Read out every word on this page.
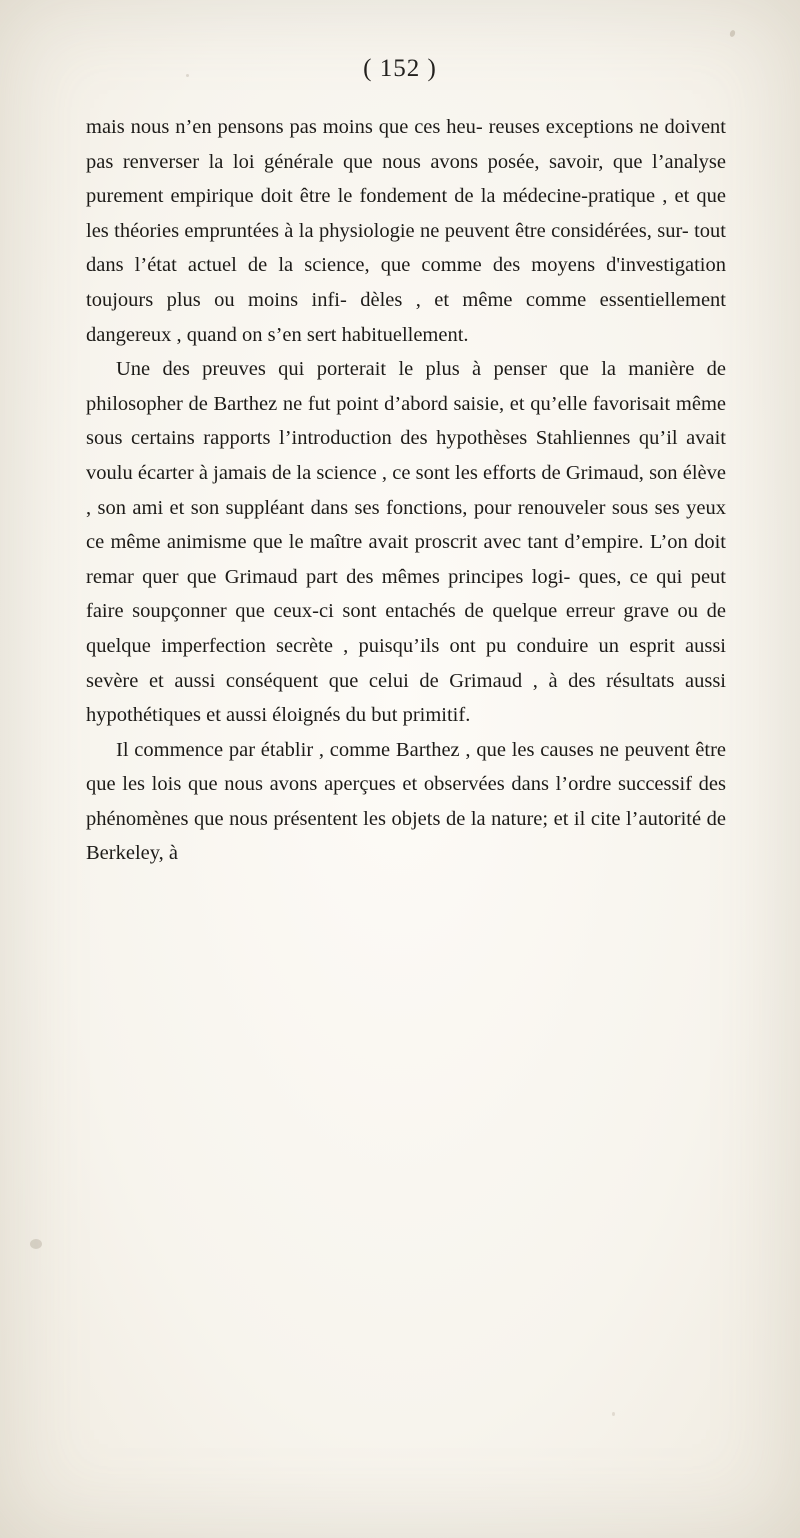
( 152 )

mais nous n’en pensons pas moins que ces heu‑ reuses exceptions ne doivent pas renverser la loi générale que nous avons posée, savoir, que l’analyse purement empirique doit être le fondement de la médecine-pratique , et que les théories empruntées à la physiologie ne peuvent être considérées, sur- tout dans l’état actuel de la science, que comme des moyens d'investigation toujours plus ou moins infi- dèles , et même comme essentiellement dangereux , quand on s’en sert habituellement.

Une des preuves qui porterait le plus à penser que la manière de philosopher de Barthez ne fut point d’abord saisie, et qu’elle favorisait même sous certains rapports l’introduction des hypothèses Stahliennes qu’il avait voulu écarter à jamais de la science , ce sont les efforts de Grimaud, son élève , son ami et son suppléant dans ses fonctions, pour renouveler sous ses yeux ce même animisme que le maître avait proscrit avec tant d’empire. L’on doit remar quer que Grimaud part des mêmes principes logi‑ ques, ce qui peut faire soupçonner que ceux-ci sont entachés de quelque erreur grave ou de quelque imperfection secrète , puisqu’ils ont pu conduire un esprit aussi sevère et aussi conséquent que celui de Grimaud , à des résultats aussi hypothétiques et aussi éloignés du but primitif.

Il commence par établir , comme Barthez , que les causes ne peuvent être que les lois que nous avons aperçues et observées dans l’ordre successif des phénomènes que nous présentent les objets de la nature; et il cite l’autorité de Berkeley, à
